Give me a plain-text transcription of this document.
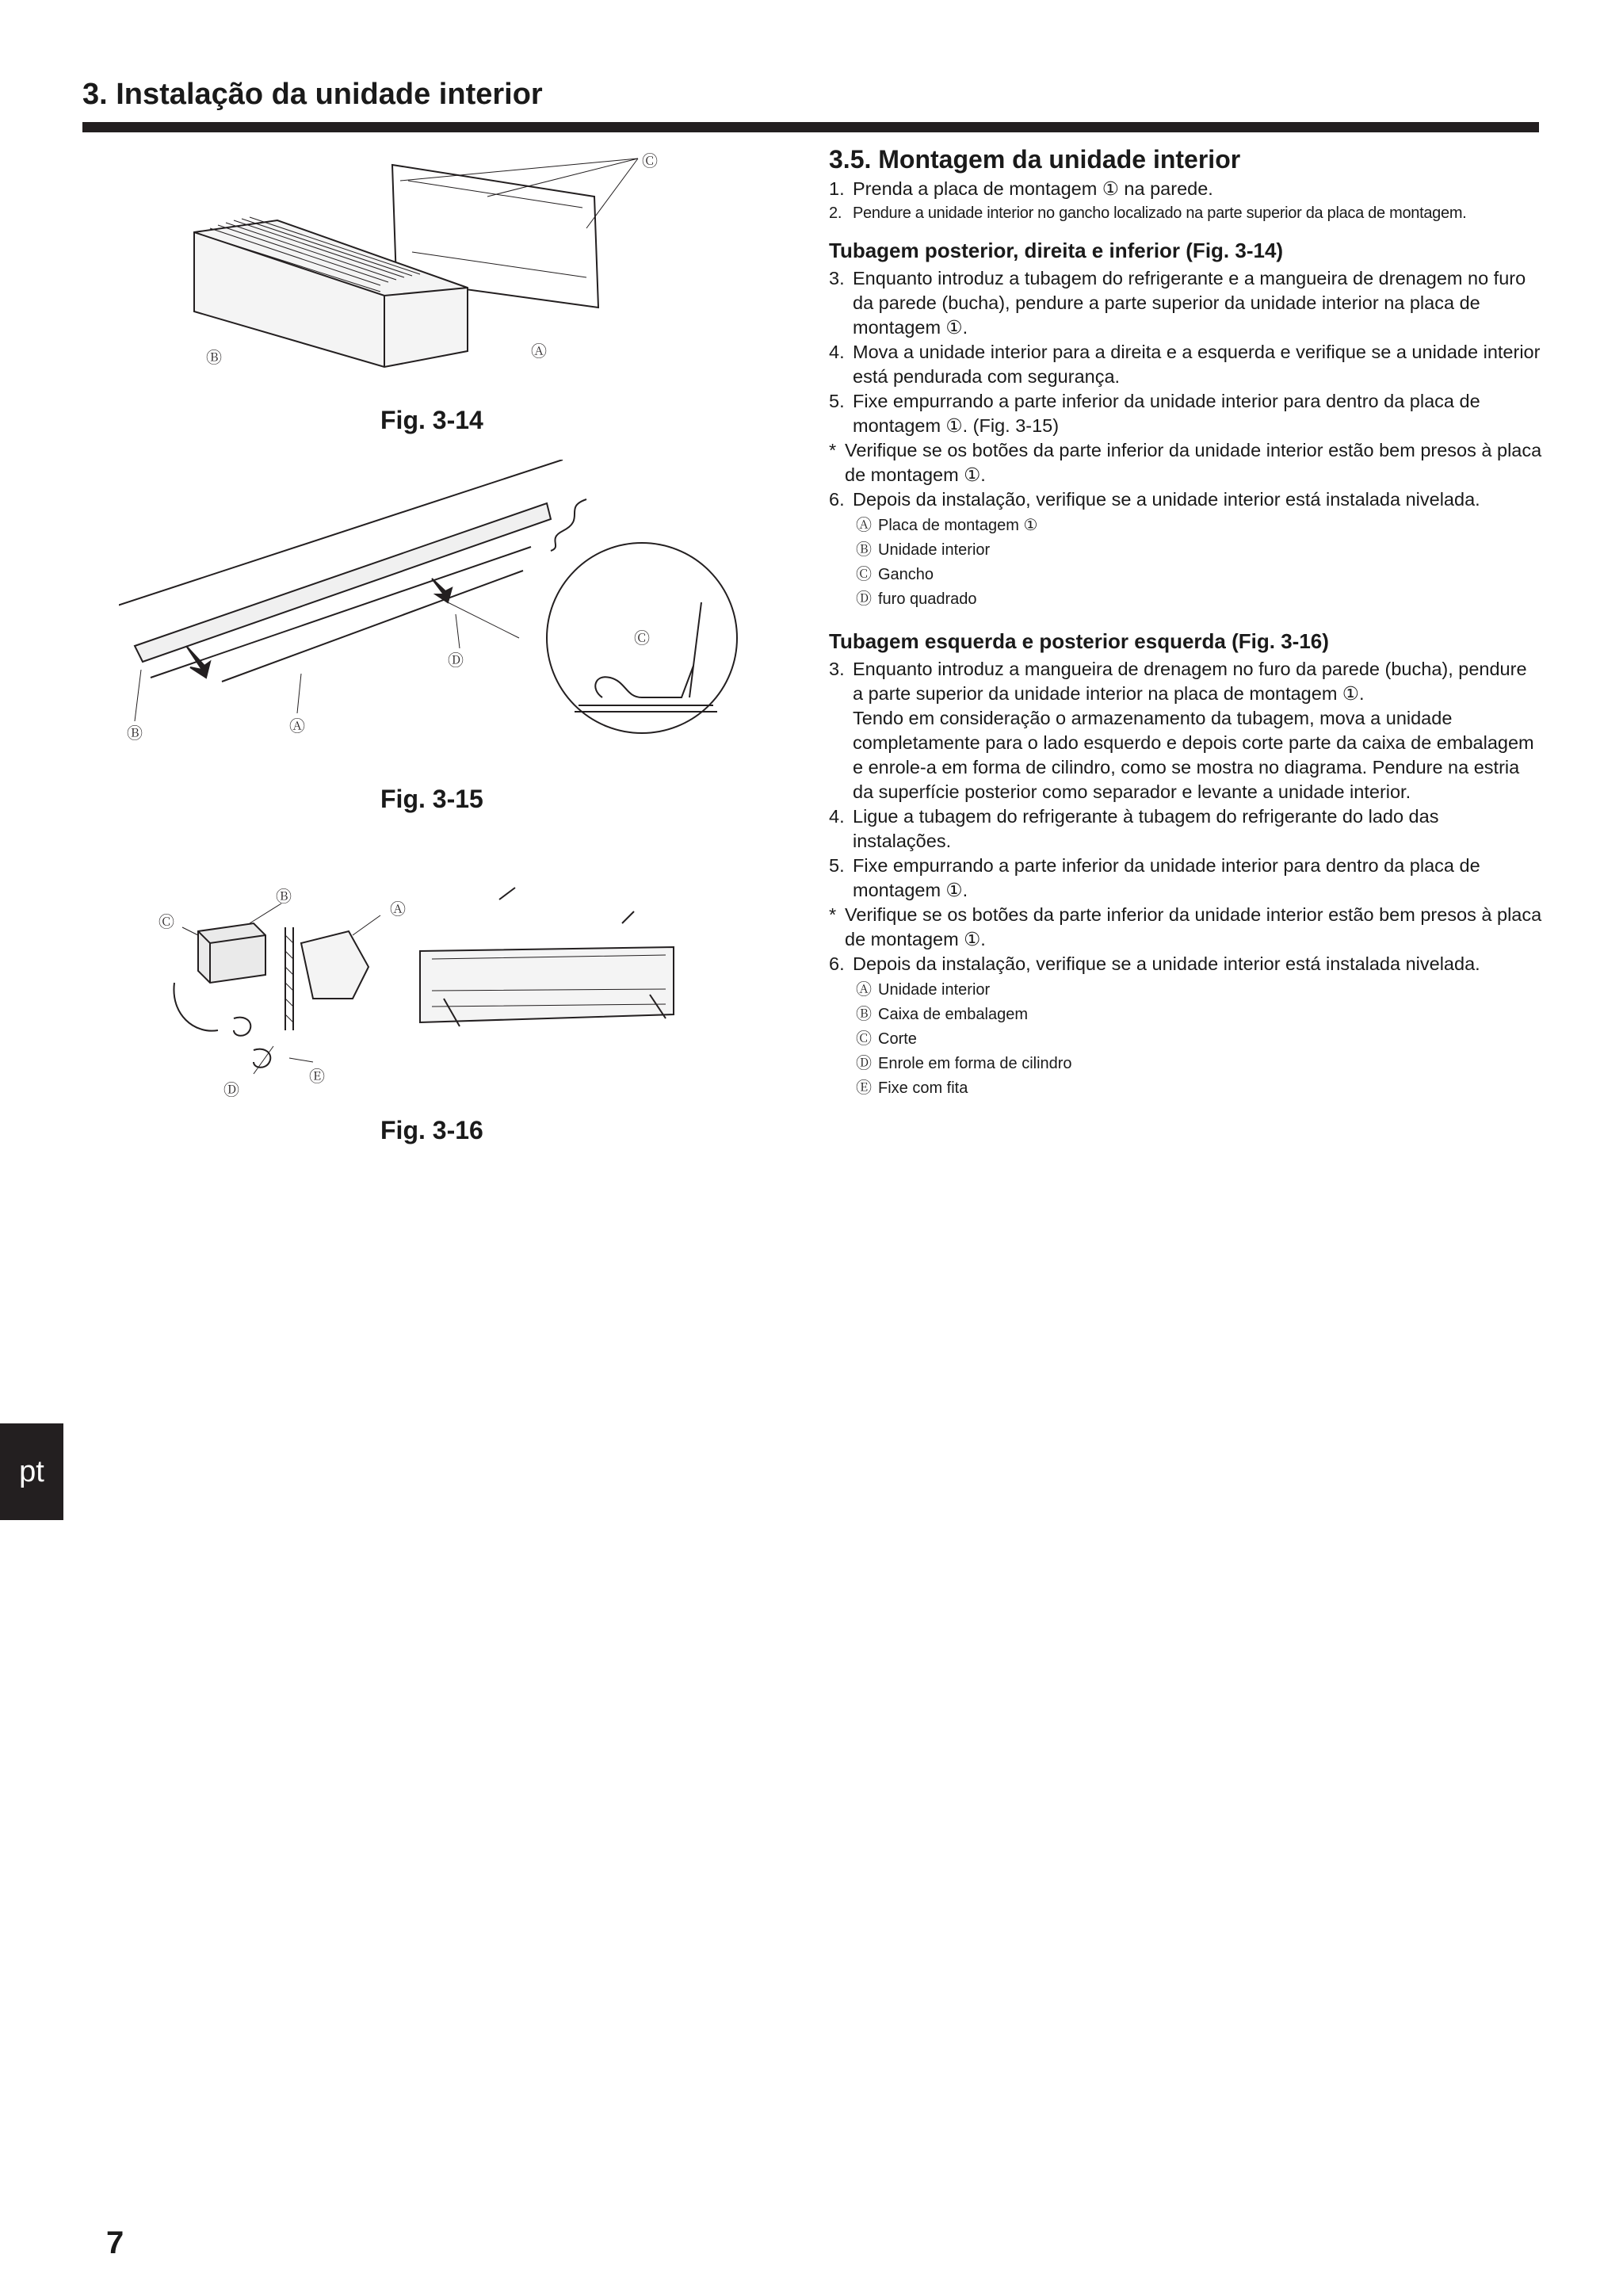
3. Instalação da unidade interior
Ⓒ
Ⓑ	Ⓐ
Fig. 3-14
Ⓒ
Ⓓ
Ⓑ	Ⓐ
Fig. 3-15
Ⓑ
Ⓒ
Ⓐ
Ⓓ
Ⓔ
Fig. 3-16
3.5. Montagem da unidade interior
1. Prenda a placa de montagem ① na parede.
2. Pendure a unidade interior no gancho localizado na parte superior da placa de montagem.
Tubagem posterior, direita e inferior (Fig. 3-14)
3. Enquanto introduz a tubagem do refrigerante e a mangueira de drenagem no furo da parede (bucha), pendure a parte superior da unidade interior na placa de montagem ①.
4. Mova a unidade interior para a direita e a esquerda e verifique se a unidade interior está pendurada com segurança.
5. Fixe empurrando a parte inferior da unidade interior para dentro da placa de montagem ①. (Fig. 3-15)
* Verifique se os botões da parte inferior da unidade interior estão bem presos à placa de montagem ①.
6. Depois da instalação, verifique se a unidade interior está instalada nivelada.
Ⓐ Placa de montagem ①
Ⓑ Unidade interior
Ⓒ Gancho
Ⓓ furo quadrado
Tubagem esquerda e posterior esquerda (Fig. 3-16)
3. Enquanto introduz a mangueira de drenagem no furo da parede (bucha), pendure a parte superior da unidade interior na placa de montagem ①.
Tendo em consideração o armazenamento da tubagem, mova a unidade completamente para o lado esquerdo e depois corte parte da caixa de embalagem e enrole-a em forma de cilindro, como se mostra no diagrama. Pendure na estria da superfície posterior como separador e levante a unidade interior.
4. Ligue a tubagem do refrigerante à tubagem do refrigerante do lado das instalações.
5. Fixe empurrando a parte inferior da unidade interior para dentro da placa de montagem ①.
* Verifique se os botões da parte inferior da unidade interior estão bem presos à placa de montagem ①.
6. Depois da instalação, verifique se a unidade interior está instalada nivelada.
Ⓐ Unidade interior
Ⓑ Caixa de embalagem
Ⓒ Corte
Ⓓ Enrole em forma de cilindro
Ⓔ Fixe com fita
pt
7
